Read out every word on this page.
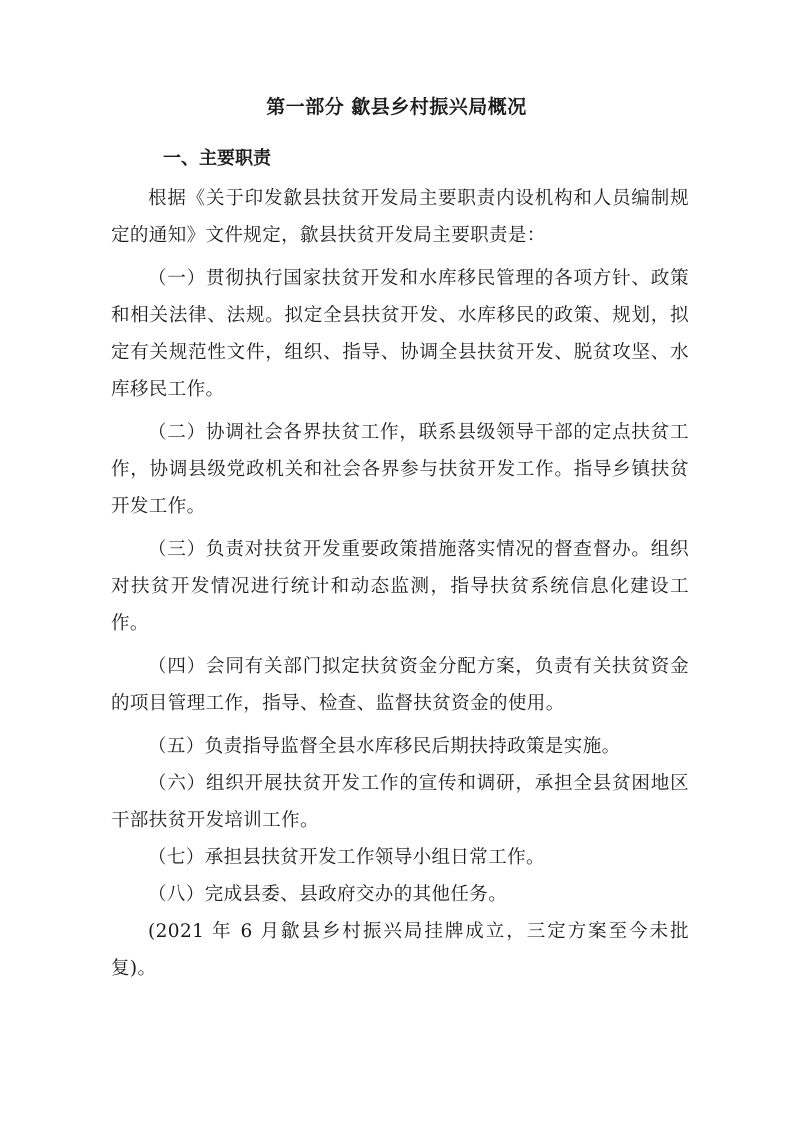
第一部分 歙县乡村振兴局概况
一、主要职责

根据《关于印发歙县扶贫开发局主要职责内设机构和人员编制规定的通知》文件规定，歙县扶贫开发局主要职责是：

（一）贯彻执行国家扶贫开发和水库移民管理的各项方针、政策和相关法律、法规。拟定全县扶贫开发、水库移民的政策、规划，拟定有关规范性文件，组织、指导、协调全县扶贫开发、脱贫攻坚、水库移民工作。

（二）协调社会各界扶贫工作，联系县级领导干部的定点扶贫工作，协调县级党政机关和社会各界参与扶贫开发工作。指导乡镇扶贫开发工作。

（三）负责对扶贫开发重要政策措施落实情况的督查督办。组织对扶贫开发情况进行统计和动态监测，指导扶贫系统信息化建设工作。

（四）会同有关部门拟定扶贫资金分配方案，负责有关扶贫资金的项目管理工作，指导、检查、监督扶贫资金的使用。

（五）负责指导监督全县水库移民后期扶持政策是实施。

（六）组织开展扶贫开发工作的宣传和调研，承担全县贫困地区干部扶贫开发培训工作。

（七）承担县扶贫开发工作领导小组日常工作。

（八）完成县委、县政府交办的其他任务。

(2021 年 6 月歙县乡村振兴局挂牌成立，三定方案至今未批复)。
